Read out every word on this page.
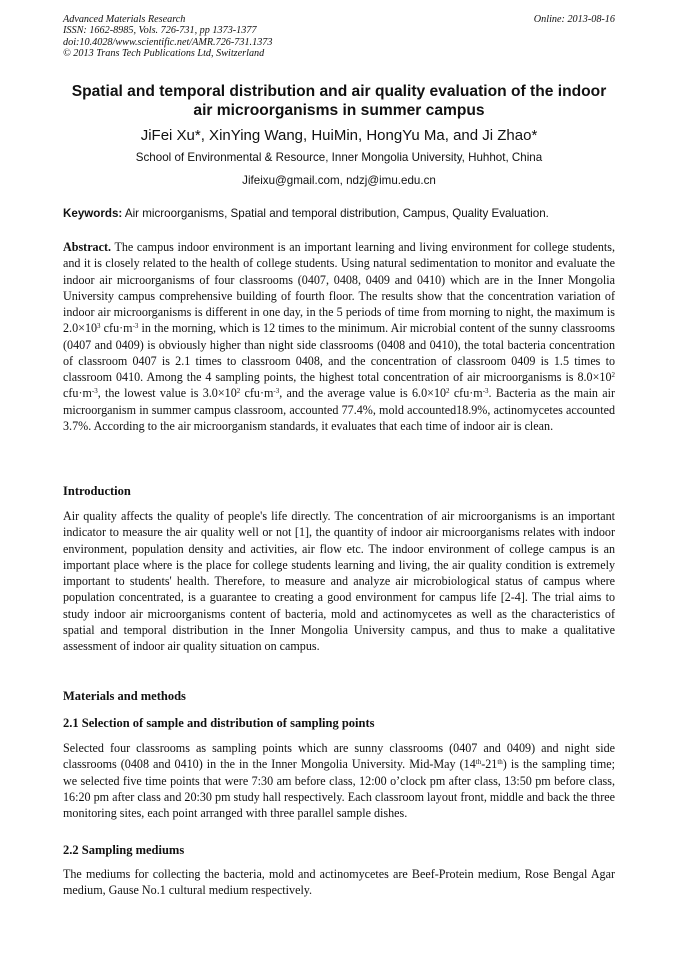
Advanced Materials Research
ISSN: 1662-8985, Vols. 726-731, pp 1373-1377
doi:10.4028/www.scientific.net/AMR.726-731.1373
© 2013 Trans Tech Publications Ltd, Switzerland
Online: 2013-08-16
Spatial and temporal distribution and air quality evaluation of the indoor
air microorganisms in summer campus
JiFei Xu*, XinYing Wang, HuiMin, HongYu Ma, and Ji Zhao*
School of Environmental & Resource, Inner Mongolia University, Huhhot, China
Jifeixu@gmail.com, ndzj@imu.edu.cn
Keywords: Air microorganisms, Spatial and temporal distribution, Campus, Quality Evaluation.

Abstract. The campus indoor environment is an important learning and living environment for college students, and it is closely related to the health of college students. Using natural sedimentation to monitor and evaluate the indoor air microorganisms of four classrooms (0407, 0408, 0409 and 0410) which are in the Inner Mongolia University campus comprehensive building of fourth floor. The results show that the concentration variation of indoor air microorganisms is different in one day, in the 5 periods of time from morning to night, the maximum is $2.0\times 10^3$ $cfu\cdot m^{-3}$ in the morning, which is 12 times to the minimum. Air microbial content of the sunny classrooms (0407 and 0409) is obviously higher than night side classrooms (0408 and 0410), the total bacteria concentration of classroom 0407 is 2.1 times to classroom 0408, and the concentration of classroom 0409 is 1.5 times to classroom 0410. Among the 4 sampling points, the highest total concentration of air microorganisms is $8.0\times 10^2$ $cfu\cdot m^{-3}$, the lowest value is $3.0\times 10^2$ $cfu\cdot m^{-3}$, and the average value is $6.0\times 10^2$ $cfu\cdot m^{-3}$. Bacteria as the main air microorganism in summer campus classroom, accounted 77.4%, mold accounted18.9%, actinomycetes accounted 3.7%. According to the air microorganism standards, it evaluates that each time of indoor air is clean.

Introduction

Air quality affects the quality of people's life directly. The concentration of air microorganisms is an important indicator to measure the air quality well or not [1], the quantity of indoor air microorganisms relates with indoor environment, population density and activities, air flow etc. The indoor environment of college campus is an important place where is the place for college students learning and living, the air quality condition is extremely important to students' health. Therefore, to measure and analyze air microbiological status of campus where population concentrated, is a guarantee to creating a good environment for campus life [2-4]. The trial aims to study indoor air microorganisms content of bacteria, mold and actinomycetes as well as the characteristics of spatial and temporal distribution in the Inner Mongolia University campus, and thus to make a qualitative assessment of indoor air quality situation on campus.

Materials and methods
2.1 Selection of sample and distribution of sampling points

Selected four classrooms as sampling points which are sunny classrooms (0407 and 0409) and night side classrooms (0408 and 0410) in the in the Inner Mongolia University. Mid-May (14th-21th) is the sampling time; we selected five time points that were 7:30 am before class, 12:00 o’clock pm after class, 13:50 pm before class, 16:20 pm after class and 20:30 pm study hall respectively. Each classroom layout front, middle and back the three monitoring sites, each point arranged with three parallel sample dishes.

2.2 Sampling mediums

The mediums for collecting the bacteria, mold and actinomycetes are Beef-Protein medium, Rose Bengal Agar medium, Gause No.1 cultural medium respectively.
